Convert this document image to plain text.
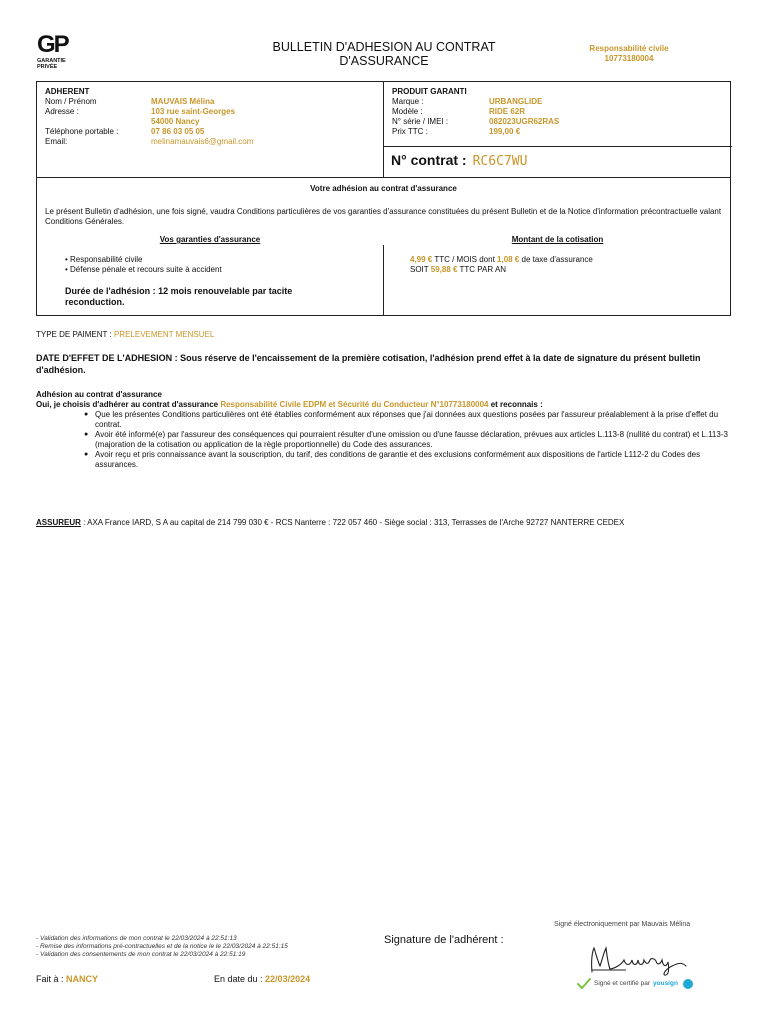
GP
GARANTIE
PRIVÉE
BULLETIN D'ADHESION AU CONTRAT
D'ASSURANCE
Responsabilité civile
10773180004
ADHERENT
Nom / Prénom	MAUVAIS Mélina
Adresse :	103 rue saint-Georges
54000 Nancy
Téléphone portable :	07 86 03 05 05
Email:	melinamauvais6@gmail.com
PRODUIT GARANTI
Marque :	URBANGLIDE
Modèle :	RIDE 62R
N° série / IMEI :	082023UGR62RAS
Prix TTC :	199,00 €
N° contrat : RC6C7WU
Votre adhésion au contrat d'assurance
Le présent Bulletin d'adhésion, une fois signé, vaudra Conditions particulières de vos garanties d'assurance constituées du présent Bulletin et de la Notice d'information précontractuelle valant Conditions Générales.
Vos garanties d'assurance
• Responsabilité civile
• Défense pénale et recours suite à accident
Durée de l'adhésion : 12 mois renouvelable par tacite reconduction.
Montant de la cotisation
4,99 € TTC / MOIS dont 1,08 € de taxe d'assurance
SOIT 59,88 € TTC PAR AN
TYPE DE PAIMENT : PRELEVEMENT MENSUEL
DATE D'EFFET DE L'ADHESION : Sous réserve de l'encaissement de la première cotisation, l'adhésion prend effet à la date de signature du présent bulletin d'adhésion.
Adhésion au contrat d'assurance
Oui, je choisis d'adhérer au contrat d'assurance Responsabilité Civile EDPM et Sécurité du Conducteur N°10773180004 et reconnais :
● Que les présentes Conditions particulières ont été établies conformément aux réponses que j'ai données aux questions posées par l'assureur préalablement à la prise d'effet du contrat.
● Avoir été informé(e) par l'assureur des conséquences qui pourraient résulter d'une omission ou d'une fausse déclaration, prévues aux articles L.113-8 (nullité du contrat) et L.113-3 (majoration de la cotisation ou application de la règle proportionnelle) du Code des assurances.
● Avoir reçu et pris connaissance avant la souscription, du tarif, des conditions de garantie et des exclusions conformément aux dispositions de l'article L112-2 du Codes des assurances.
ASSUREUR : AXA France IARD, S A au capital de 214 799 030 € - RCS Nanterre : 722 057 460 - Siège social : 313, Terrasses de l'Arche 92727 NANTERRE CEDEX
- Validation des informations de mon contrat le 22/03/2024 à 22:51:13
- Remise des informations pré-contractuelles et de la notice le le 22/03/2024 à 22:51:15
- Validation des consentements de mon contrat le 22/03/2024 à 22:51:19
Signature de l'adhérent :
Signé électroniquement par Mauvais Mélina
Signé et certifié par yousign
Fait à : NANCY	En date du : 22/03/2024
